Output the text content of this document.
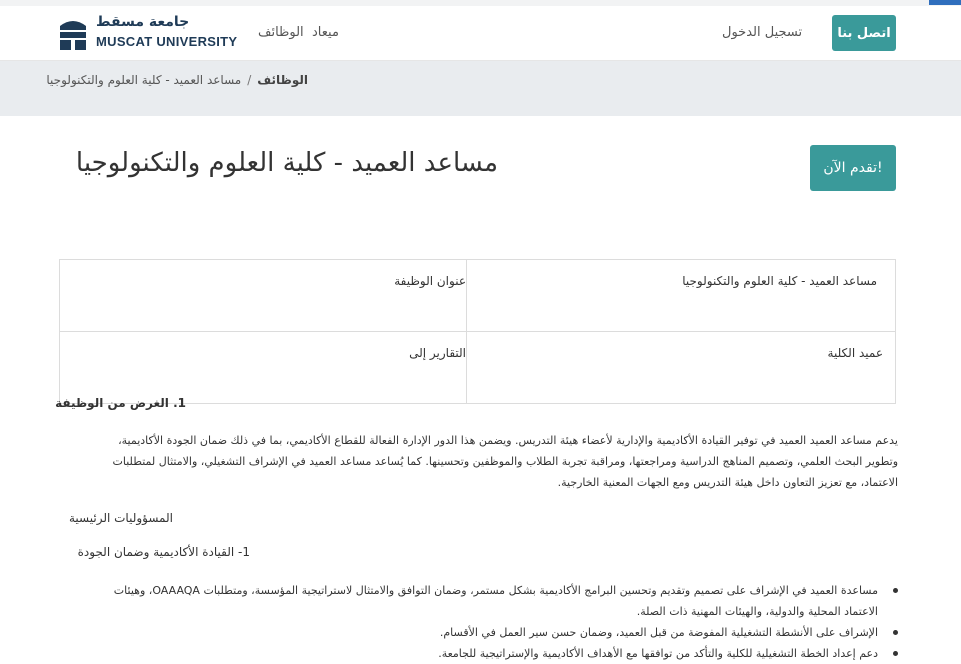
جامعة مسقط
MUSCAT UNIVERSITY
ميعاد
الوظائف	تسجيل الدخول	اتصل بنا
الوظائف/مساعد العميد - كلية العلوم والتكنولوجيا
مساعد العميد - كلية العلوم والتكنولوجيا	تقدم الآن!
عنوان الوظيفة	مساعد العميد - كلية العلوم والتكنولوجيا
التقارير إلى	عميد الكلية
1. الغرض من الوظيفة
يدعم مساعد العميد العميد في توفير القيادة الأكاديمية والإدارية لأعضاء هيئة التدريس. ويضمن هذا الدور الإدارة الفعالة للقطاع الأكاديمي، بما في ذلك ضمان الجودة الأكاديمية،
وتطوير البحث العلمي، وتصميم المناهج الدراسية ومراجعتها، ومراقبة تجربة الطلاب والموظفين وتحسينها. كما يُساعد مساعد العميد في الإشراف التشغيلي، والامتثال لمتطلبات
الاعتماد، مع تعزيز التعاون داخل هيئة التدريس ومع الجهات المعنية الخارجية.
المسؤوليات الرئيسية
1- القيادة الأكاديمية وضمان الجودة
مساعدة العميد في الإشراف على تصميم وتقديم وتحسين البرامج الأكاديمية بشكل مستمر، وضمان التوافق والامتثال لاستراتيجية المؤسسة، ومتطلبات OAAAQA، وهيئات
الاعتماد المحلية والدولية، والهيئات المهنية ذات الصلة.
الإشراف على الأنشطة التشغيلية المفوضة من قبل العميد، وضمان حسن سير العمل في الأقسام.
دعم إعداد الخطة التشغيلية للكلية والتأكد من توافقها مع الأهداف الأكاديمية والإستراتيجية للجامعة.
